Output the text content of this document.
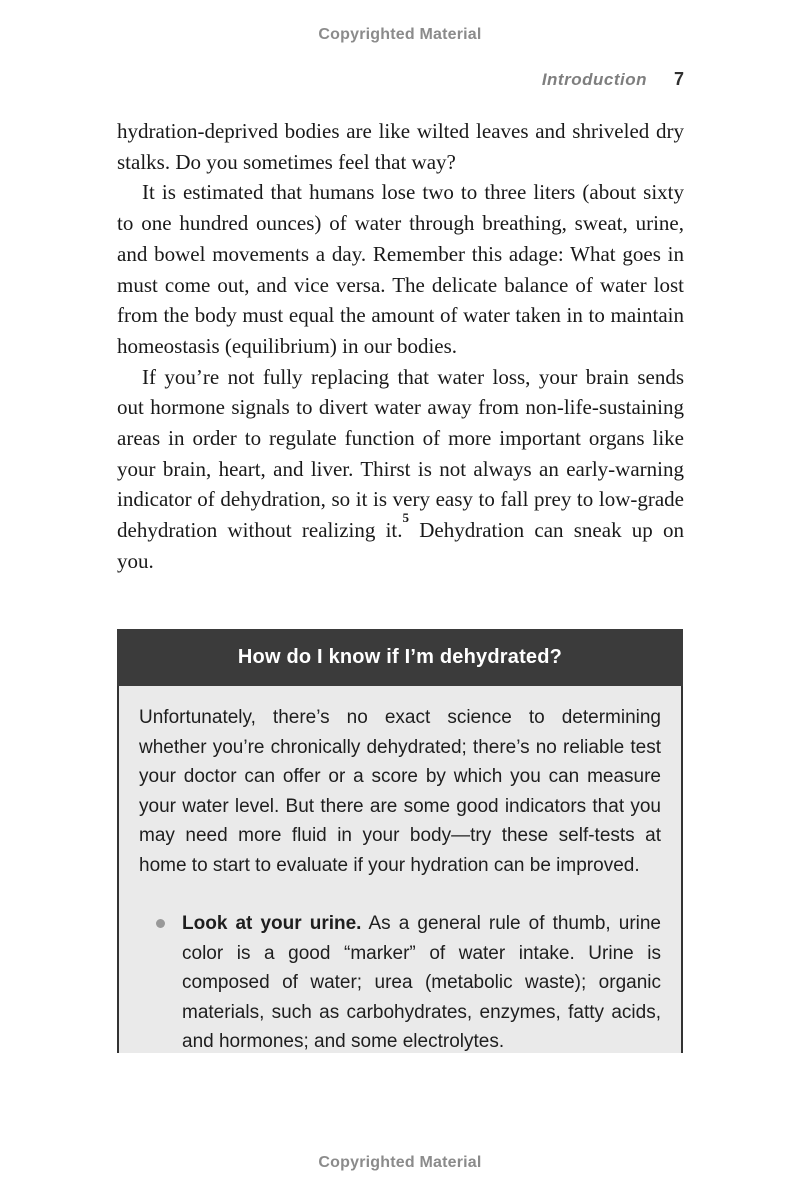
Copyrighted Material
Introduction 7

hydration-deprived bodies are like wilted leaves and shriveled dry stalks. Do you sometimes feel that way?

It is estimated that humans lose two to three liters (about sixty to one hundred ounces) of water through breathing, sweat, urine, and bowel movements a day. Remember this adage: What goes in must come out, and vice versa. The delicate balance of water lost from the body must equal the amount of water taken in to maintain homeostasis (equilibrium) in our bodies.

If you’re not fully replacing that water loss, your brain sends out hormone signals to divert water away from non-life-sustaining areas in order to regulate function of more important organs like your brain, heart, and liver. Thirst is not always an early-warning indicator of dehydration, so it is very easy to fall prey to low-grade dehydration without realizing it.$^5$ Dehydration can sneak up on you.

How do I know if I’m dehydrated?

Unfortunately, there’s no exact science to determining whether you’re chronically dehydrated; there’s no reliable test your doctor can offer or a score by which you can measure your water level. But there are some good indicators that you may need more fluid in your body—try these self-tests at home to start to evaluate if your hydration can be improved.

Look at your urine. As a general rule of thumb, urine color is a good “marker” of water intake. Urine is composed of water; urea (metabolic waste); organic materials, such as carbohydrates, enzymes, fatty acids, and hormones; and some electrolytes.
Copyrighted Material
